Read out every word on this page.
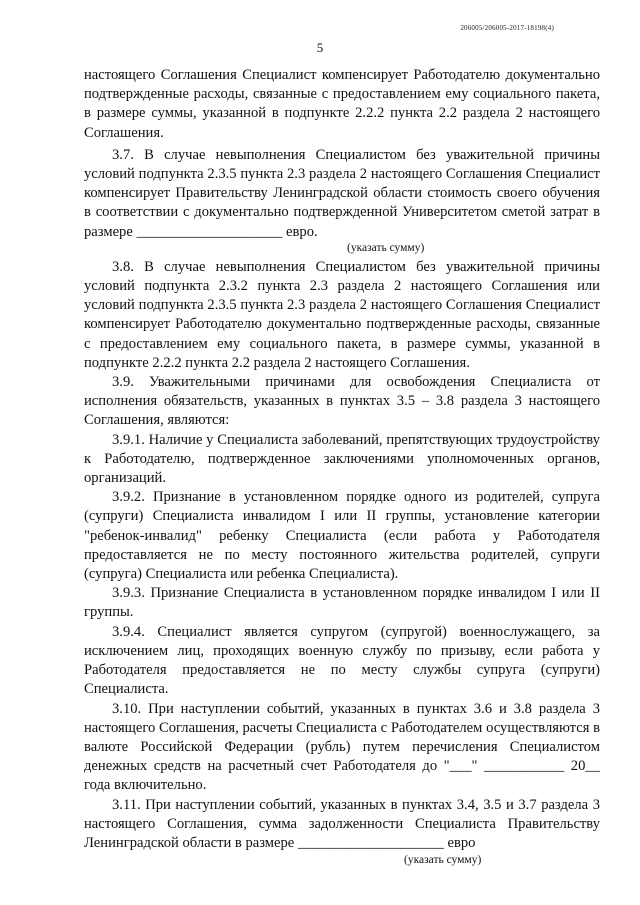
206005/206005-2017-18198(4)
5

настоящего Соглашения Специалист компенсирует Работодателю документально подтвержденные расходы, связанные с предоставлением ему социального пакета, в размере суммы, указанной в подпункте 2.2.2 пункта 2.2 раздела 2 настоящего Соглашения.

3.7. В случае невыполнения Специалистом без уважительной причины условий подпункта 2.3.5 пункта 2.3 раздела 2 настоящего Соглашения Специалист компенсирует Правительству Ленинградской области стоимость своего обучения в соответствии с документально подтвержденной Университетом сметой затрат в размере ____________________ евро.

(указать сумму)

3.8. В случае невыполнения Специалистом без уважительной причины условий подпункта 2.3.2 пункта 2.3 раздела 2 настоящего Соглашения или условий подпункта 2.3.5 пункта 2.3 раздела 2 настоящего Соглашения Специалист компенсирует Работодателю документально подтвержденные расходы, связанные с предоставлением ему социального пакета, в размере суммы, указанной в подпункте 2.2.2 пункта 2.2 раздела 2 настоящего Соглашения.

3.9. Уважительными причинами для освобождения Специалиста от исполнения обязательств, указанных в пунктах 3.5 – 3.8 раздела 3 настоящего Соглашения, являются:

3.9.1. Наличие у Специалиста заболеваний, препятствующих трудоустройству к Работодателю, подтвержденное заключениями уполномоченных органов, организаций.

3.9.2. Признание в установленном порядке одного из родителей, супруга (супруги) Специалиста инвалидом I или II группы, установление категории "ребенок-инвалид" ребенку Специалиста (если работа у Работодателя предоставляется не по месту постоянного жительства родителей, супруги (супруга) Специалиста или ребенка Специалиста).

3.9.3. Признание Специалиста в установленном порядке инвалидом I или II группы.

3.9.4. Специалист является супругом (супругой) военнослужащего, за исключением лиц, проходящих военную службу по призыву, если работа у Работодателя предоставляется не по месту службы супруга (супруги) Специалиста.

3.10. При наступлении событий, указанных в пунктах 3.6 и 3.8 раздела 3 настоящего Соглашения, расчеты Специалиста с Работодателем осуществляются в валюте Российской Федерации (рубль) путем перечисления Специалистом денежных средств на расчетный счет Работодателя до "___" ___________ 20__ года включительно.

3.11. При наступлении событий, указанных в пунктах 3.4, 3.5 и 3.7 раздела 3 настоящего Соглашения, сумма задолженности Специалиста Правительству Ленинградской области в размере ____________________ евро

(указать сумму)
